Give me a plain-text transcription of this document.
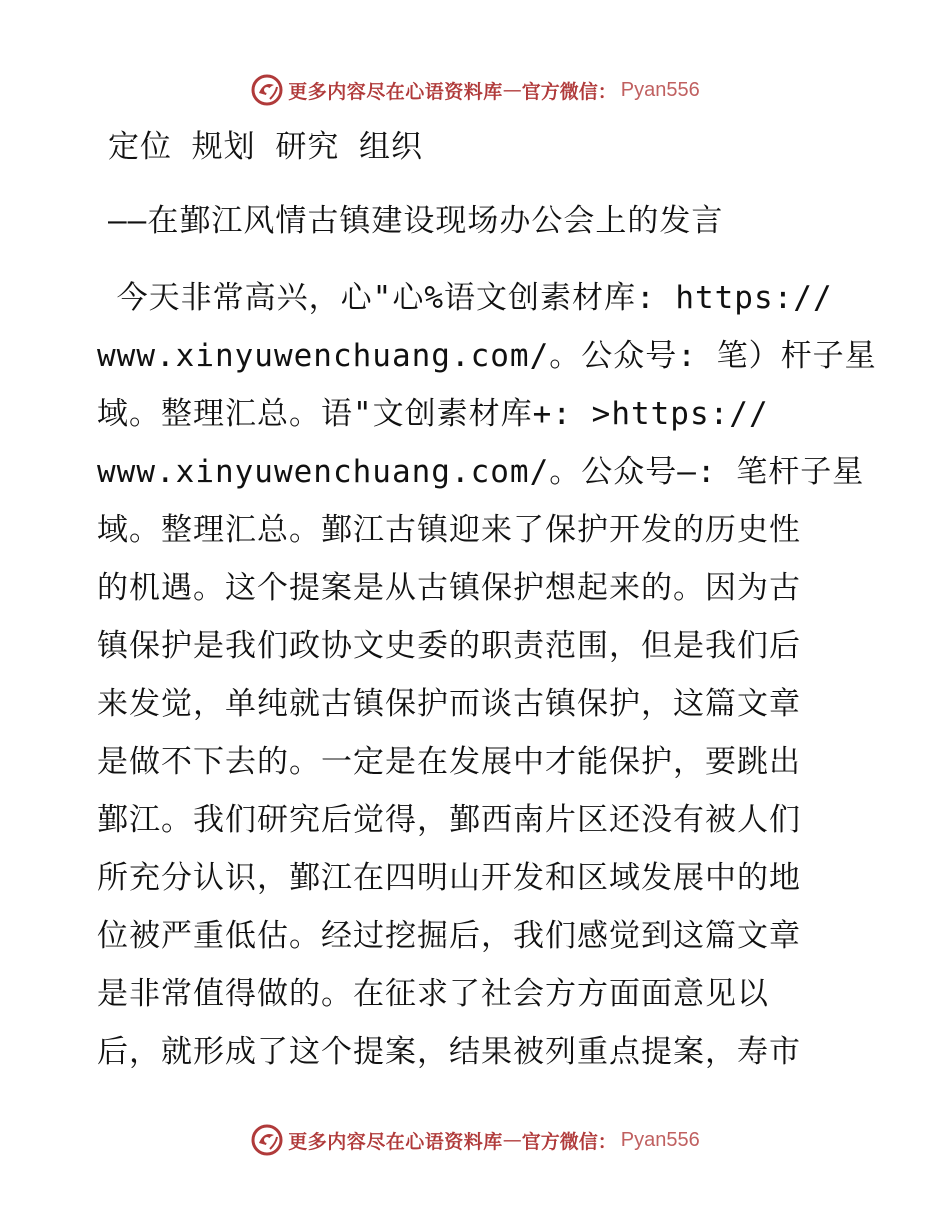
更多内容尽在心语资料库 — 官方微信： Pyan556
定位 规划 研究 组织
——在鄞江风情古镇建设现场办公会上的发言
今天非常高兴，心"心%语文创素材库: https://
www.xinyuwenchuang.com/。公众号: 笔）杆子星
域。整理汇总。语"文创素材库+: >https://
www.xinyuwenchuang.com/。公众号—: 笔杆子星
域。整理汇总。鄞江古镇迎来了保护开发的历史性
的机遇。这个提案是从古镇保护想起来的。因为古
镇保护是我们政协文史委的职责范围，但是我们后
来发觉，单纯就古镇保护而谈古镇保护，这篇文章
是做不下去的。一定是在发展中才能保护，要跳出
鄞江。我们研究后觉得，鄞西南片区还没有被人们
所充分认识，鄞江在四明山开发和区域发展中的地
位被严重低估。经过挖掘后，我们感觉到这篇文章
是非常值得做的。在征求了社会方方面面意见以
后，就形成了这个提案，结果被列重点提案，寿市
更多内容尽在心语资料库 — 官方微信： Pyan556
